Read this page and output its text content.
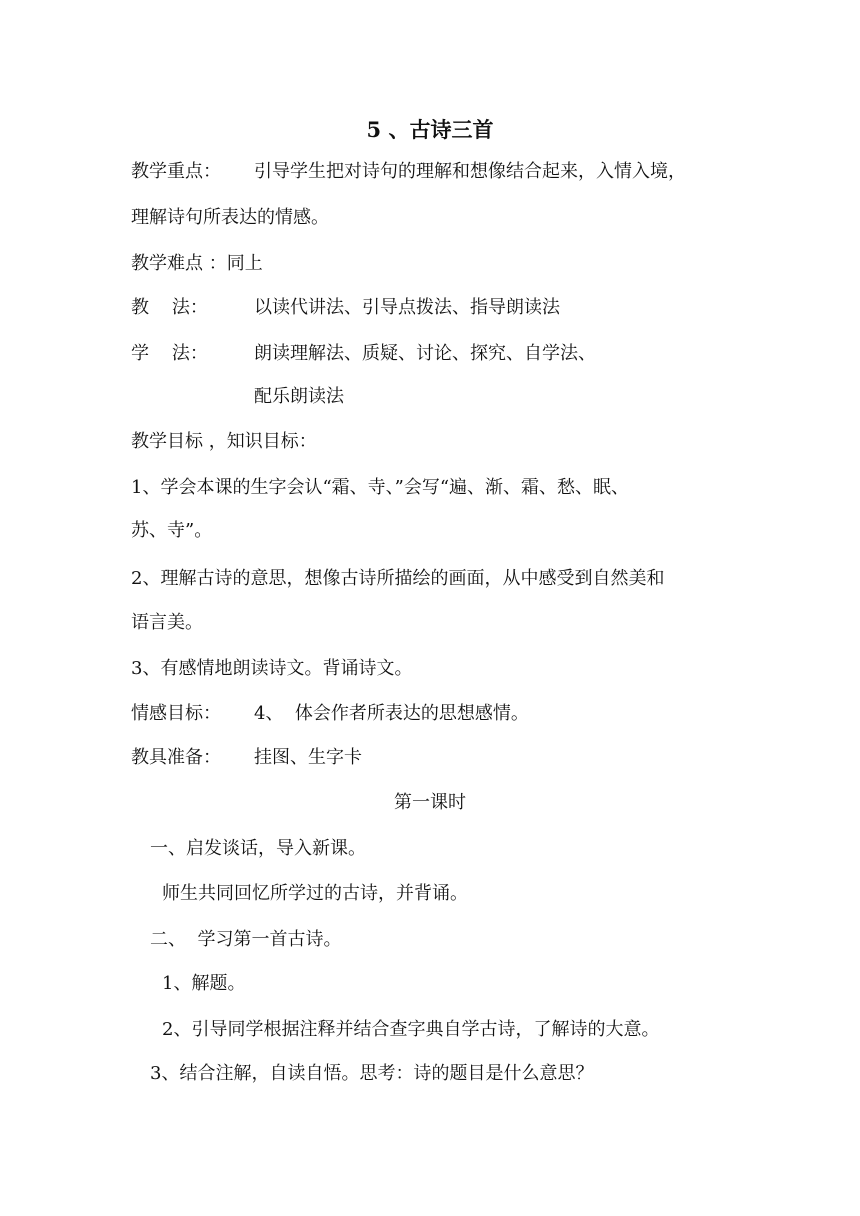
5 、古诗三首
教学重点： 引导学生把对诗句的理解和想像结合起来，入情入境，
理解诗句所表达的情感。
教学难点 ：同上
教    法：	以读代讲法、引导点拨法、指导朗读法
学    法：	朗读理解法、质疑、讨论、探究、自学法、
配乐朗读法
教学目标 ，知识目标：
1、学会本课的生字会认“霜、寺、”会写“遍、渐、霜、愁、眠、
苏、寺”。
2、理解古诗的意思，想像古诗所描绘的画面，从中感受到自然美和
语言美。
3、有感情地朗读诗文。背诵诗文。
情感目标： 4、  体会作者所表达的思想感情。
教具准备： 挂图、生字卡
第一课时
一、启发谈话，导入新课。
师生共同回忆所学过的古诗，并背诵。
二、  学习第一首古诗。
1、解题。
2、引导同学根据注释并结合查字典自学古诗，了解诗的大意。
3、结合注解，自读自悟。思考：诗的题目是什么意思？
